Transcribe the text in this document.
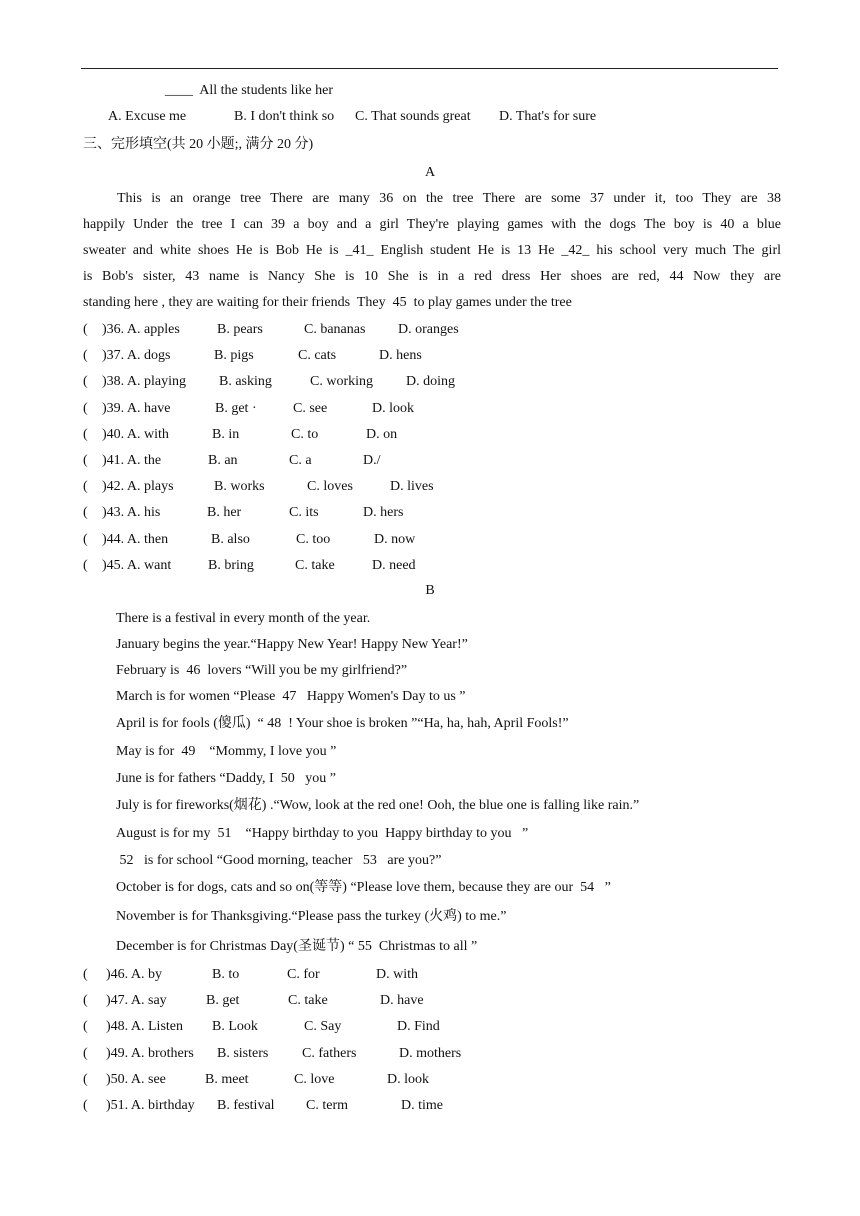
____ All the students like her
A. Excuse me	B. I don't think so C. That sounds great D. That's for sure
三、完形填空(共 20 小题;, 满分 20 分)
A
This is an orange tree There are many 36 on the tree There are some 37 under it, too They are 38
happily Under the tree I can 39 a boy and a girl They're playing games with the dogs The boy is 40 a blue
sweater and white shoes He is Bob He is _41_ English student He is 13 He _42_ his school very much The girl
is Bob's sister, 43 name is Nancy She is 10 She is in a red dress Her shoes are red, 44 Now they are
standing here , they are waiting for their friends  They  45  to play games under the tree
( )36. A. apples	B. pears	C. bananas D. oranges
( )37. A. dogs	B. pigs	C. cats	D. hens
( )38. A. playing B. asking	C. working D. doing
( )39. A. have	B. get ·	C. see	D. look
( )40. A. with	B. in	C. to	D. on
( )41. A. the	B. an	C. a	D./
( )42. A. plays	B. works	C. loves	D. lives
( )43. A. his	B. her	C. its	D. hers
( )44. A. then	B. also	C. too	D. now
( )45. A. want	B. bring	C. take	D. need
B
There is a festival in every month of the year.
January begins the year.“Happy New Year! Happy New Year!”
February is  46  lovers “Will you be my girlfriend?”
March is for women “Please  47   Happy Women's Day to us ”
April is for fools (傻瓜)  “ 48  ! Your shoe is broken ”“Ha, ha, hah, April Fools!”
May is for  49    “Mommy, I love you ”
June is for fathers “Daddy, I  50   you ”
July is for fireworks(烟花) .“Wow, look at the red one! Ooh, the blue one is falling like rain.”
August is for my  51    “Happy birthday to you  Happy birthday to you   ”
52   is for school “Good morning, teacher   53   are you?”
October is for dogs, cats and so on(等等) “Please love them, because they are our  54   ”
November is for Thanksgiving.“Please pass the turkey (火鸡) to me.”
December is for Christmas Day(圣诞节) “ 55  Christmas to all ”
( )46. A. by	B. to	C. for	D. with
( )47. A. say	B. get	C. take	D. have
( )48. A. Listen B. Look	C. Say	D. Find
( )49. A. brothers B. sisters C. fathers	D. mothers
( )50. A. see	B. meet	C. love	D. look
( )51. A. birthday B. festival C. term	D. time
